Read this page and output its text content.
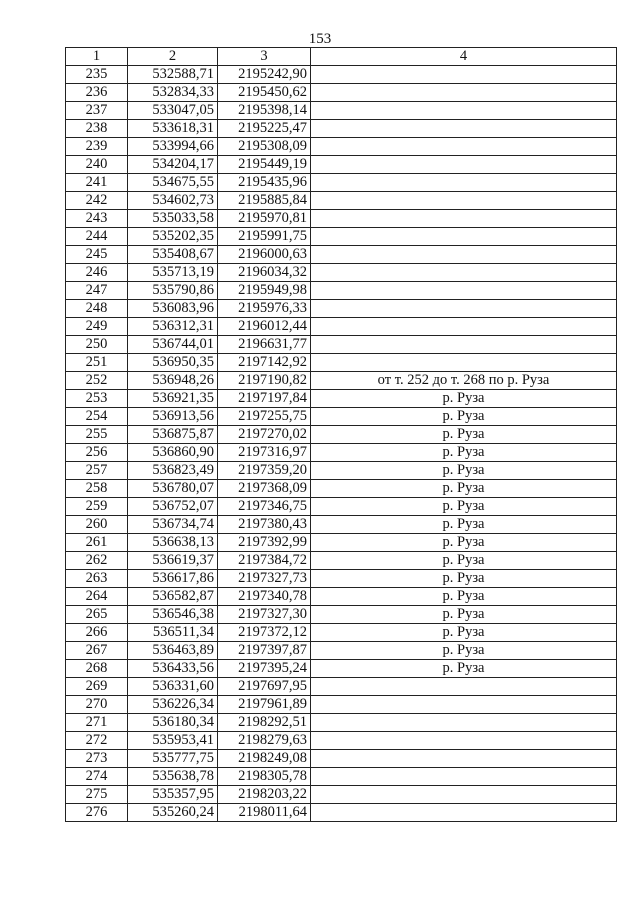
153
1	2	3	4
235	532588,71	2195242,90	
236	532834,33	2195450,62	
237	533047,05	2195398,14	
238	533618,31	2195225,47	
239	533994,66	2195308,09	
240	534204,17	2195449,19	
241	534675,55	2195435,96	
242	534602,73	2195885,84	
243	535033,58	2195970,81	
244	535202,35	2195991,75	
245	535408,67	2196000,63	
246	535713,19	2196034,32	
247	535790,86	2195949,98	
248	536083,96	2195976,33	
249	536312,31	2196012,44	
250	536744,01	2196631,77	
251	536950,35	2197142,92	
252	536948,26	2197190,82	от т. 252 до т. 268 по р. Руза
253	536921,35	2197197,84	р. Руза
254	536913,56	2197255,75	р. Руза
255	536875,87	2197270,02	р. Руза
256	536860,90	2197316,97	р. Руза
257	536823,49	2197359,20	р. Руза
258	536780,07	2197368,09	р. Руза
259	536752,07	2197346,75	р. Руза
260	536734,74	2197380,43	р. Руза
261	536638,13	2197392,99	р. Руза
262	536619,37	2197384,72	р. Руза
263	536617,86	2197327,73	р. Руза
264	536582,87	2197340,78	р. Руза
265	536546,38	2197327,30	р. Руза
266	536511,34	2197372,12	р. Руза
267	536463,89	2197397,87	р. Руза
268	536433,56	2197395,24	р. Руза
269	536331,60	2197697,95	
270	536226,34	2197961,89	
271	536180,34	2198292,51	
272	535953,41	2198279,63	
273	535777,75	2198249,08	
274	535638,78	2198305,78	
275	535357,95	2198203,22	
276	535260,24	2198011,64	
